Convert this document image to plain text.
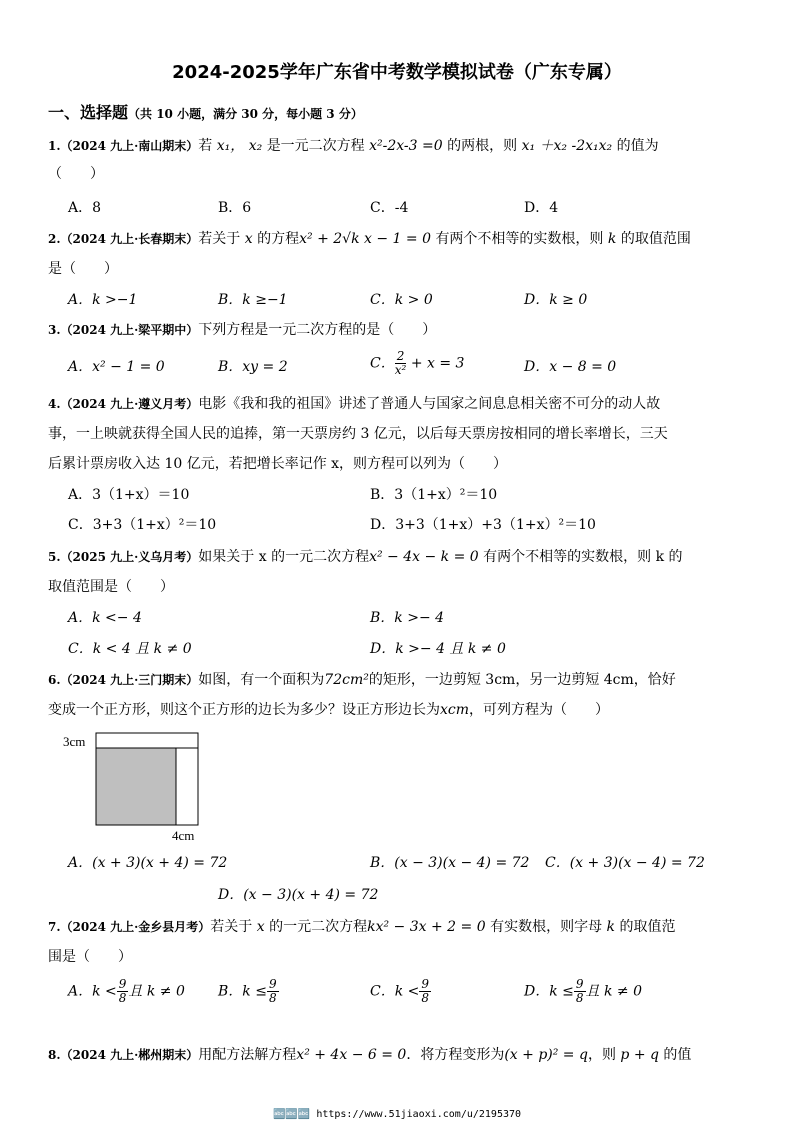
2024-2025学年广东省中考数学模拟试卷（广东专属）
一、选择题（共 10 小题，满分 30 分，每小题 3 分）
1.（2024 九上·南山期末）若 x₁， x₂ 是一元二次方程 x²-2x-3 =0 的两根，则 x₁ ＋x₂ -2x₁x₂ 的值为
（　　）
A．8	B．6	C．-4	D．4
2.（2024 九上·长春期末）若关于 x 的方程x² + 2√k x − 1 = 0 有两个不相等的实数根，则 k 的取值范围
是（　　）
A．k >−1	B．k ≥−1	C．k > 0	D．k ≥ 0
3.（2024 九上·梁平期中）下列方程是一元二次方程的是（　　）
A．x² − 1 = 0	B．xy = 2	C． $\frac{2}{\text{x²}} + x = 3$	D．x − 8 = 0
4.（2024 九上·遵义月考）电影《我和我的祖国》讲述了普通人与国家之间息息相关密不可分的动人故
事，一上映就获得全国人民的追捧，第一天票房约 3 亿元，以后每天票房按相同的增长率增长，三天
后累计票房收入达 10 亿元，若把增长率记作 x，则方程可以列为（　　）
A．3（1+x）＝10	B．3（1+x）²＝10
C．3+3（1+x）²＝10	D．3+3（1+x）+3（1+x）²＝10
5.（2025 九上·义乌月考）如果关于 x 的一元二次方程x² − 4x − k = 0 有两个不相等的实数根，则 k 的
取值范围是（　　）
A．k <− 4	B．k >− 4
C．k < 4 且 k ≠ 0	D．k >− 4 且 k ≠ 0
6.（2024 九上·三门期末）如图，有一个面积为72cm²的矩形，一边剪短 3cm，另一边剪短 4cm，恰好
变成一个正方形，则这个正方形的边长为多少？设正方形边长为xcm，可列方程为（　　）
3cm
4cm
A．(x + 3)(x + 4) = 72	B．(x − 3)(x − 4) = 72 C．(x + 3)(x − 4) = 72
D．(x − 3)(x + 4) = 72
7.（2024 九上·金乡县月考）若关于 x 的一元二次方程kx² − 3x + 2 = 0 有实数根，则字母 k 的取值范
围是（　　）
A．$k < \frac{9}{8}$ 且 k ≠ 0 B．$k \le \frac{9}{8}$	C．$k < \frac{9}{8}$	D．$k \le \frac{9}{8}$ 且 k ≠ 0
8.（2024 九上·郴州期末）用配方法解方程x² + 4x − 6 = 0．将方程变形为(x + p)² = q，则 p + q 的值
🔤🔤🔤 https://www.51jiaoxi.com/u/2195370
